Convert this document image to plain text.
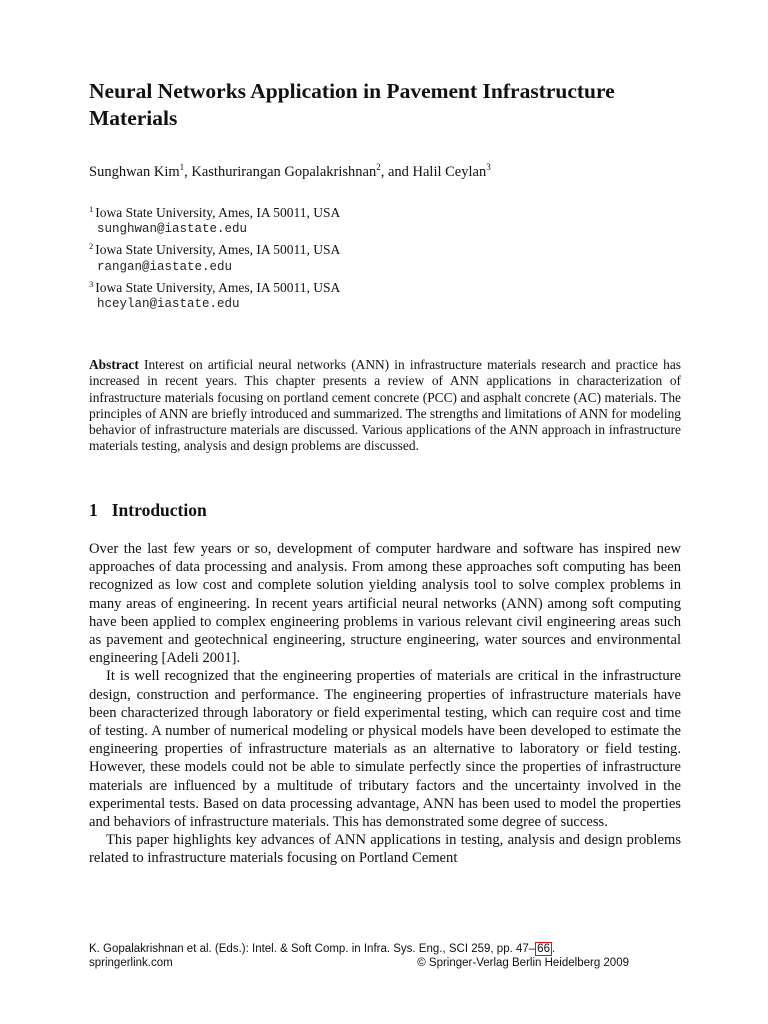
Neural Networks Application in Pavement Infrastructure Materials
Sunghwan Kim$^1$, Kasthurirangan Gopalakrishnan$^2$, and Halil Ceylan$^3$
$^1$ Iowa State University, Ames, IA 50011, USA
sunghwan@iastate.edu
$^2$ Iowa State University, Ames, IA 50011, USA
rangan@iastate.edu
$^3$ Iowa State University, Ames, IA 50011, USA
hceylan@iastate.edu
Abstract Interest on artificial neural networks (ANN) in infrastructure materials research and practice has increased in recent years. This chapter presents a review of ANN applications in characterization of infrastructure materials focusing on portland cement concrete (PCC) and asphalt concrete (AC) materials. The principles of ANN are briefly introduced and summarized. The strengths and limitations of ANN for modeling behavior of infrastructure materials are discussed. Various applications of the ANN approach in infrastructure materials testing, analysis and design problems are discussed.
1 Introduction

Over the last few years or so, development of computer hardware and software has inspired new approaches of data processing and analysis. From among these approaches soft computing has been recognized as low cost and complete solution yielding analysis tool to solve complex problems in many areas of engineering. In recent years artificial neural networks (ANN) among soft computing have been applied to complex engineering problems in various relevant civil engineering areas such as pavement and geotechnical engineering, structure engineering, water sources and environmental engineering [Adeli 2001].

It is well recognized that the engineering properties of materials are critical in the infrastructure design, construction and performance. The engineering properties of infrastructure materials have been characterized through laboratory or field experimental testing, which can require cost and time of testing. A number of numerical modeling or physical models have been developed to estimate the engineering properties of infrastructure materials as an alternative to laboratory or field testing. However, these models could not be able to simulate perfectly since the properties of infrastructure materials are influenced by a multitude of tributary factors and the uncertainty involved in the experimental tests. Based on data processing advantage, ANN has been used to model the properties and behaviors of infrastructure materials. This has demonstrated some degree of success.

This paper highlights key advances of ANN applications in testing, analysis and design problems related to infrastructure materials focusing on Portland Cement

K. Gopalakrishnan et al. (Eds.): Intel. & Soft Comp. in Infra. Sys. Eng., SCI 259, pp. 47– 66 .
springerlink.com	© Springer-Verlag Berlin Heidelberg 2009
